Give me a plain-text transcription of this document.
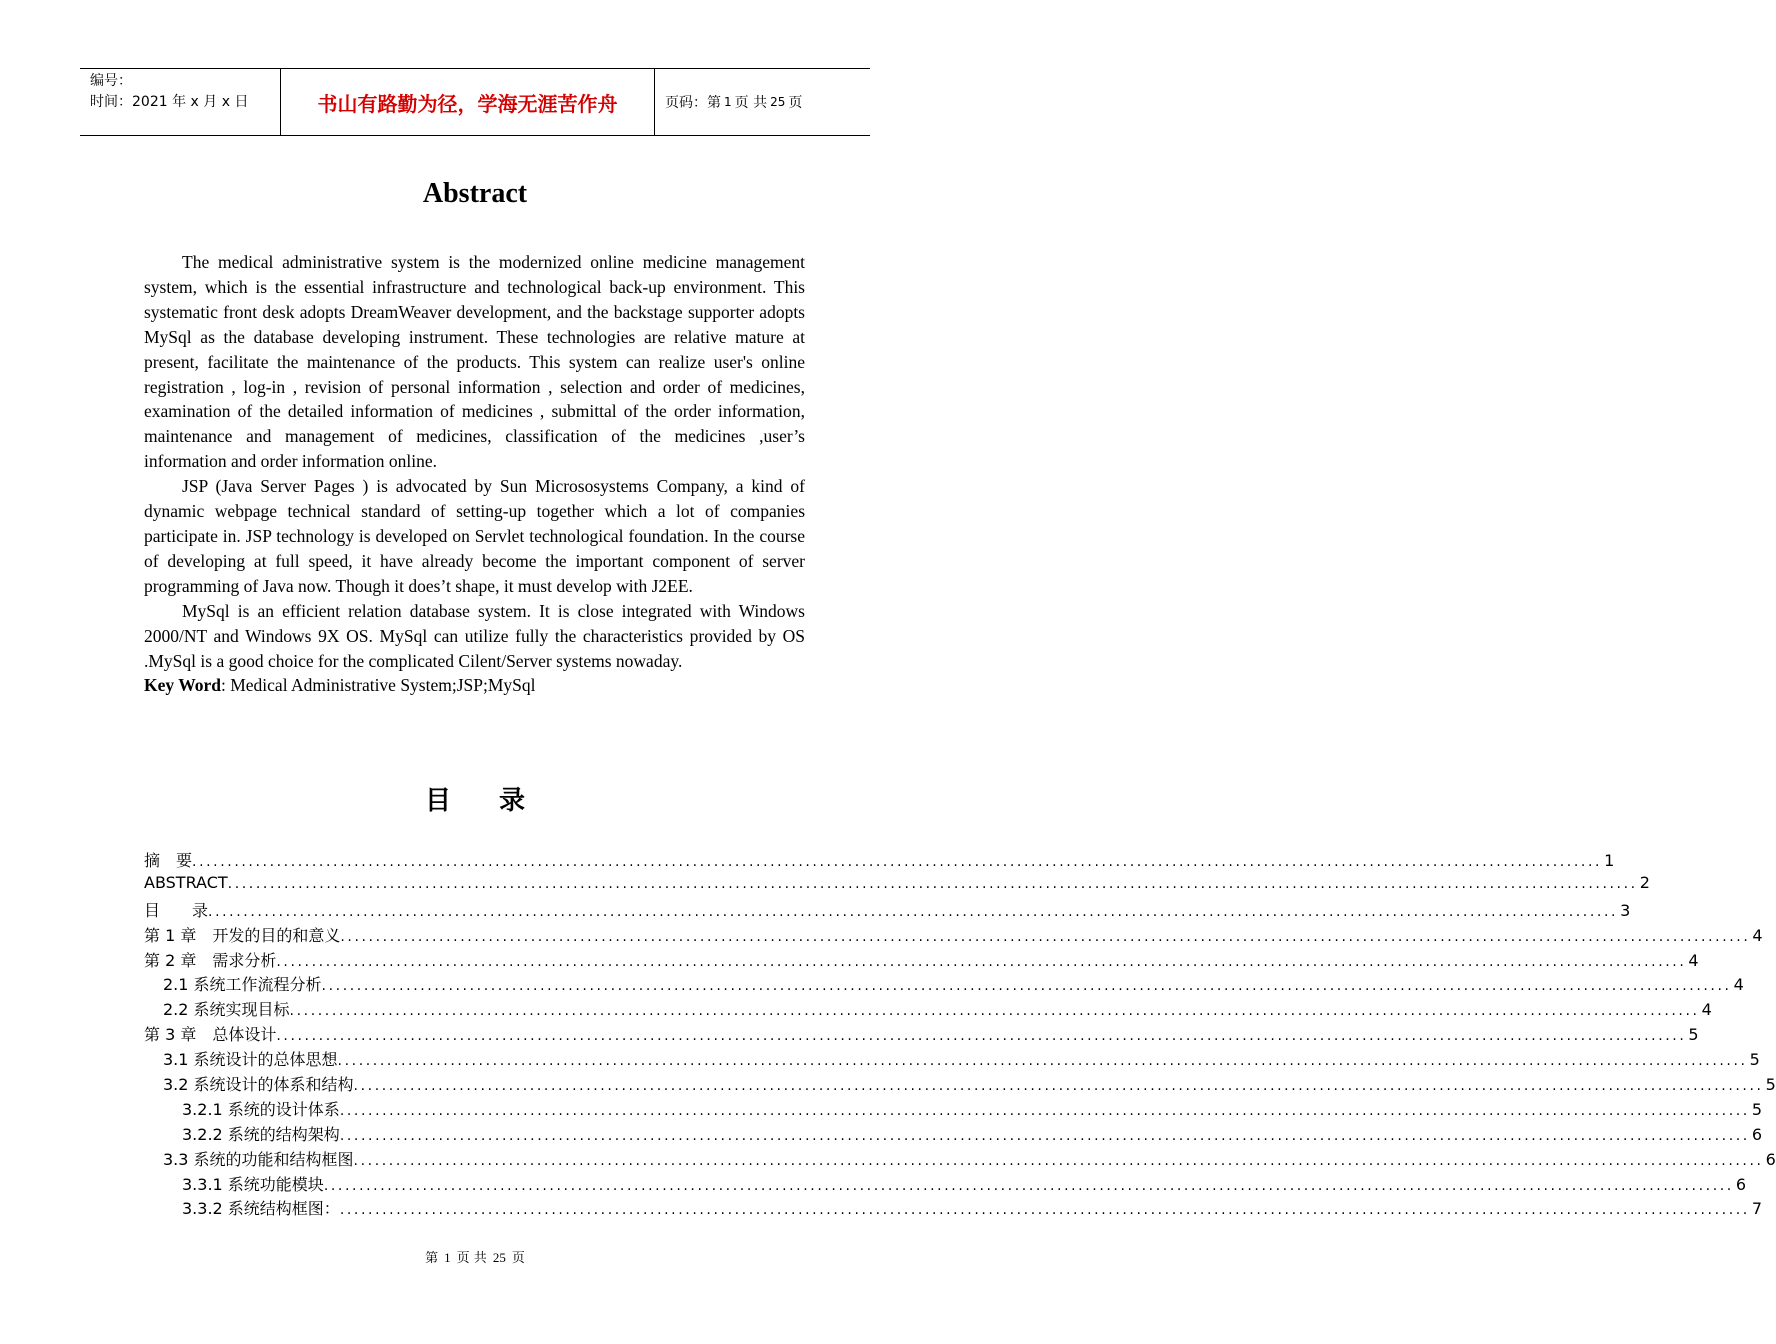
编号：
时间：2021 年 x 月 x 日	书山有路勤为径，学海无涯苦作舟	页码：第 1 页 共 25 页
Abstract

The medical administrative system is the modernized online medicine management system, which is the essential infrastructure and technological back-up environment. This systematic front desk adopts DreamWeaver development, and the backstage supporter adopts MySql as the database developing instrument. These technologies are relative mature at present, facilitate the maintenance of the products. This system can realize user's online registration , log-in , revision of personal information , selection and order of medicines, examination of the detailed information of medicines , submittal of the order information, maintenance and management of medicines, classification of the medicines ,user’s information and order information online.

JSP (Java Server Pages ) is advocated by Sun Micrososystems Company, a kind of dynamic webpage technical standard of setting-up together which a lot of companies participate in. JSP technology is developed on Servlet technological foundation. In the course of developing at full speed, it have already become the important component of server programming of Java now. Though it does’t shape, it must develop with J2EE.

MySql is an efficient relation database system. It is close integrated with Windows 2000/NT and Windows 9X OS. MySql can utilize fully the characteristics provided by OS .MySql is a good choice for the complicated Cilent/Server systems nowaday.

Key Word: Medical Administrative System;JSP;MySql

目 录
摘　要 ........................................................................................................................................................................................................ 1
ABSTRACT ........................................................................................................................................................................................................ 2
目　　录 ........................................................................................................................................................................................................ 3
第 1 章　开发的目的和意义 ........................................................................................................................................................................................................ 4
第 2 章　需求分析 ........................................................................................................................................................................................................ 4
2.1 系统工作流程分析 ........................................................................................................................................................................................................ 4
2.2 系统实现目标 ........................................................................................................................................................................................................ 4
第 3 章　总体设计 ........................................................................................................................................................................................................ 5
3.1 系统设计的总体思想 ........................................................................................................................................................................................................ 5
3.2 系统设计的体系和结构 ........................................................................................................................................................................................................ 5
3.2.1 系统的设计体系 ........................................................................................................................................................................................................ 5
3.2.2 系统的结构架构 ........................................................................................................................................................................................................ 6
3.3 系统的功能和结构框图 ........................................................................................................................................................................................................ 6
3.3.1 系统功能模块 ........................................................................................................................................................................................................ 6
3.3.2 系统结构框图： ........................................................................................................................................................................................................ 7
第 1 页 共 25 页
